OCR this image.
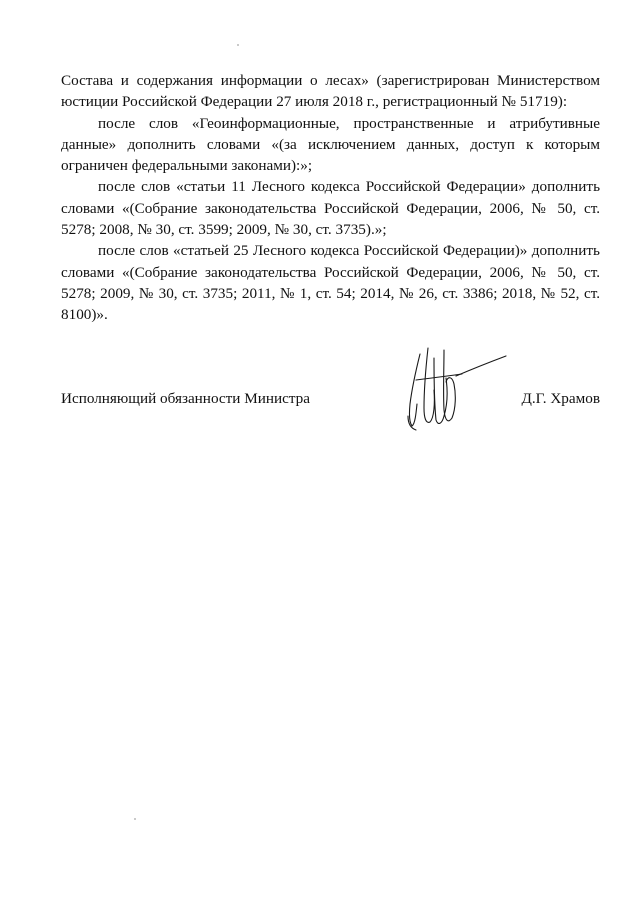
Состава и содержания информации о лесах» (зарегистрирован Министерством юстиции Российской Федерации 27 июля 2018 г., регистрационный № 51719):

после слов «Геоинформационные, пространственные и атрибутивные данные» дополнить словами «(за исключением данных, доступ к которым ограничен федеральными законами):»;

после слов «статьи 11 Лесного кодекса Российской Федерации» дополнить словами «(Собрание законодательства Российской Федерации, 2006, № 50, ст. 5278; 2008, № 30, ст. 3599; 2009, № 30, ст. 3735).»;

после слов «статьей 25 Лесного кодекса Российской Федерации)» дополнить словами «(Собрание законодательства Российской Федерации, 2006, № 50, ст. 5278; 2009, № 30, ст. 3735; 2011, № 1, ст. 54; 2014, № 26, ст. 3386; 2018, № 52, ст. 8100)».

Исполняющий обязанности Министра	Д.Г. Храмов
